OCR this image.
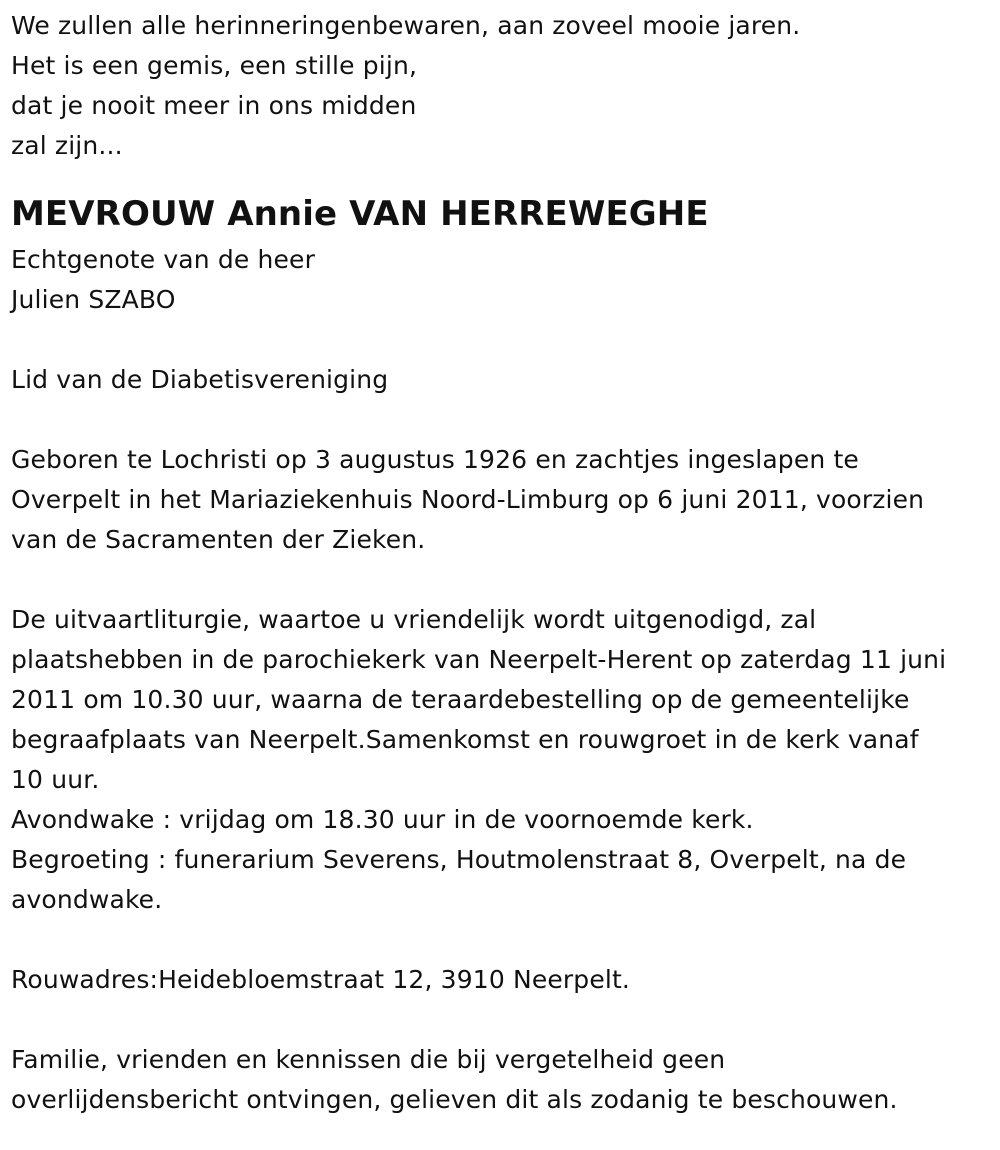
We zullen alle herinneringenbewaren, aan zoveel mooie jaren.
Het is een gemis, een stille pijn,
dat je nooit meer in ons midden
zal zijn...
MEVROUW Annie VAN HERREWEGHE
Echtgenote van de heer
Julien SZABO
Lid van de Diabetisvereniging
Geboren te Lochristi op 3 augustus 1926 en zachtjes ingeslapen te
Overpelt in het Mariaziekenhuis Noord-Limburg op 6 juni 2011, voorzien
van de Sacramenten der Zieken.
De uitvaartliturgie, waartoe u vriendelijk wordt uitgenodigd, zal
plaatshebben in de parochiekerk van Neerpelt-Herent op zaterdag 11 juni
2011 om 10.30 uur, waarna de teraardebestelling op de gemeentelijke
begraafplaats van Neerpelt.Samenkomst en rouwgroet in de kerk vanaf
10 uur.
Avondwake : vrijdag om 18.30 uur in de voornoemde kerk.
Begroeting : funerarium Severens, Houtmolenstraat 8, Overpelt, na de
avondwake.
Rouwadres:Heidebloemstraat 12, 3910 Neerpelt.
Familie, vrienden en kennissen die bij vergetelheid geen
overlijdensbericht ontvingen, gelieven dit als zodanig te beschouwen.
